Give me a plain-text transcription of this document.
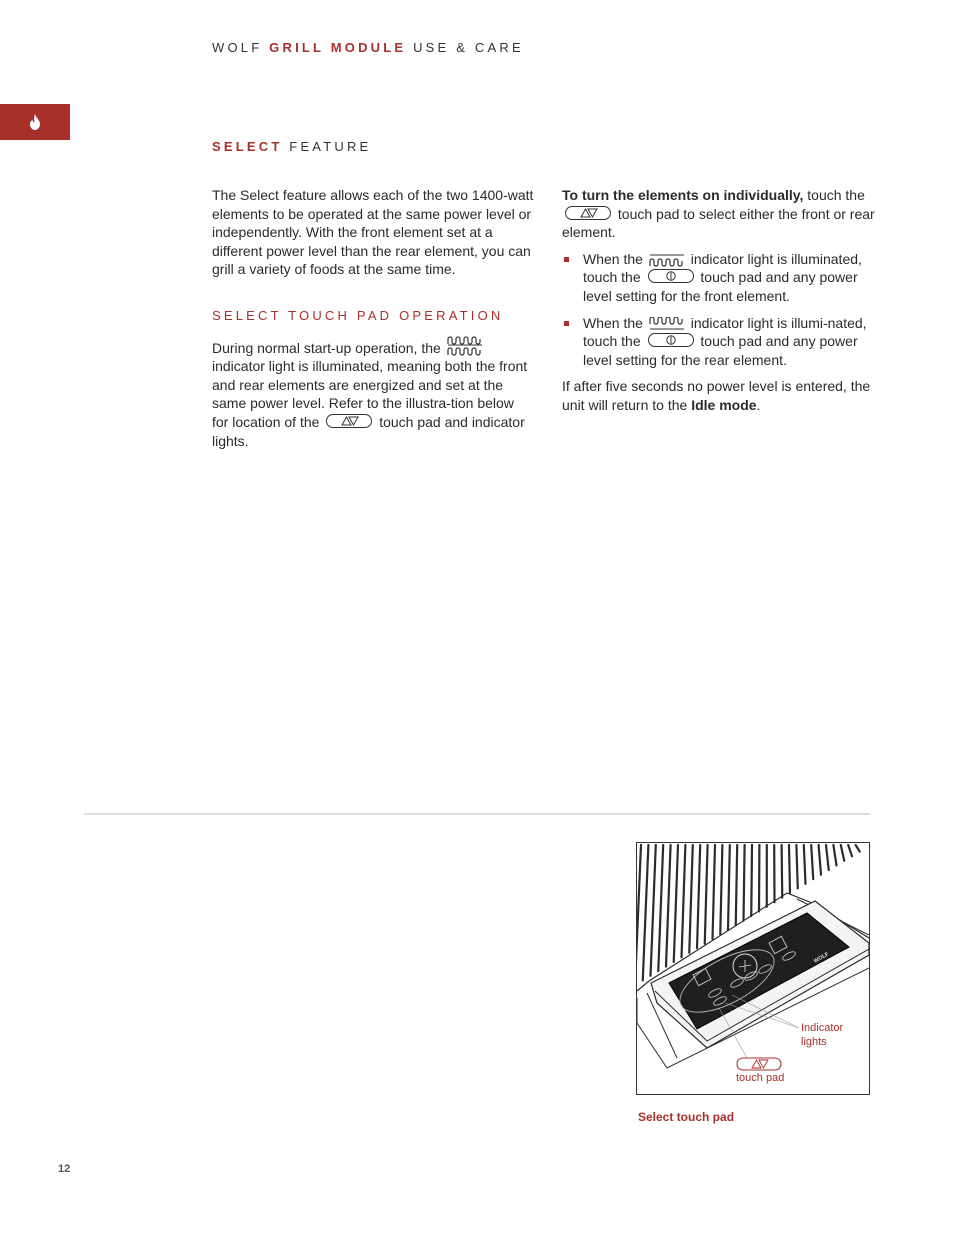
WOLF GRILL MODULE USE & CARE
SELECT FEATURE

The Select feature allows each of the two 1400-watt elements to be operated at the same power level or independently. With the front element set at a different power level than the rear element, you can grill a variety of foods at the same time.

SELECT TOUCH PAD OPERATION

During normal start-up operation, the  indicator light is illuminated, meaning both the front and rear elements are energized and set at the same power level. Refer to the illustra-tion below for location of the	touch pad and indicator lights.

To turn the elements on individually, touch the
touch pad to select either the front or rear element.

When the	indicator light is illuminated, touch the	touch pad and any power level setting for the front element.
When the	indicator light is illumi-nated, touch the	touch pad and any power level setting for the rear element.

If after five seconds no power level is entered, the unit will return to the Idle mode.

WOLF
Indicator
lights
touch pad
Select touch pad
12
